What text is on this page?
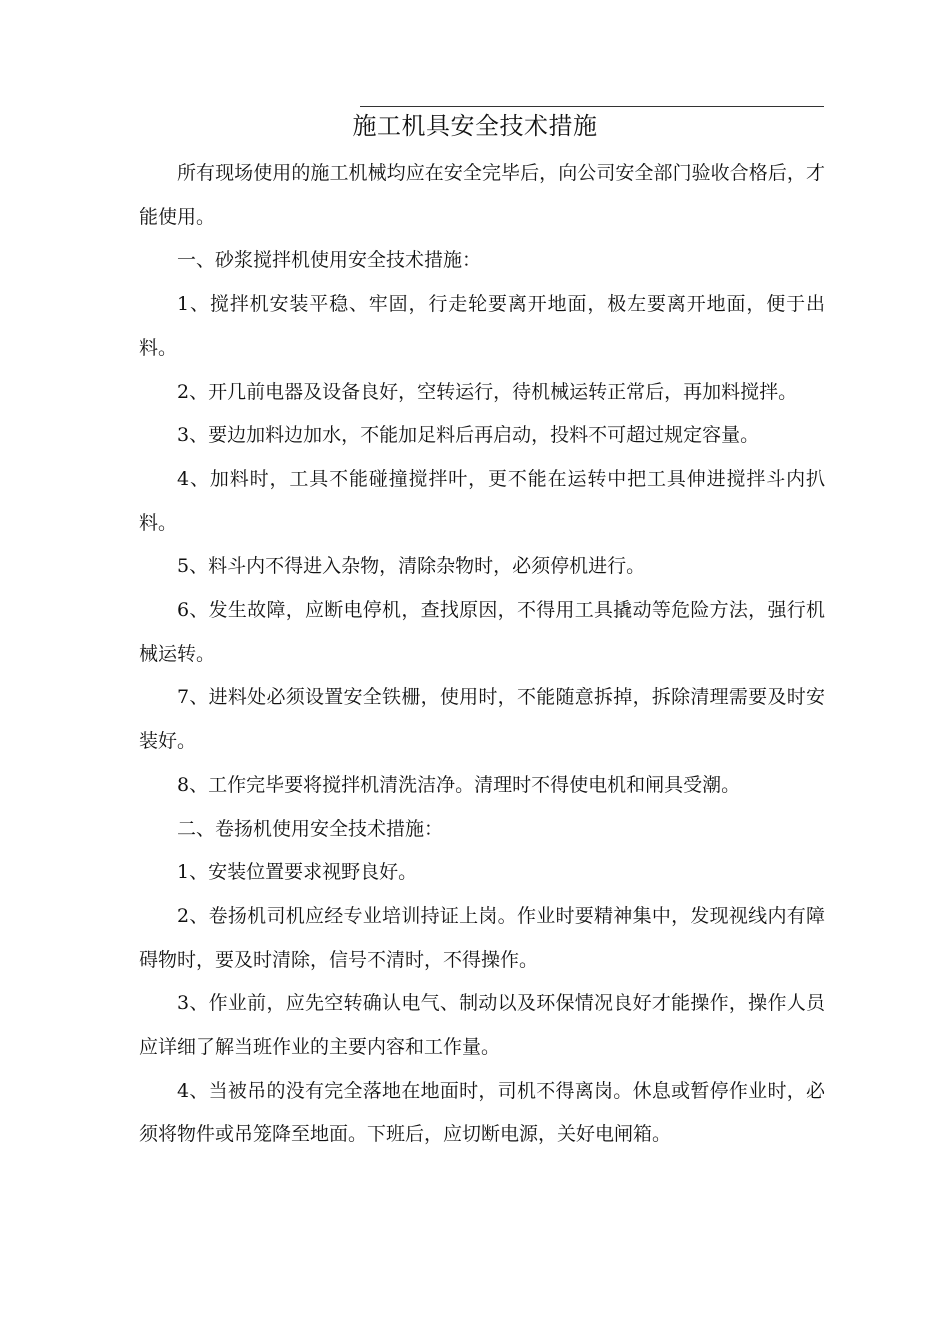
施工机具安全技术措施

所有现场使用的施工机械均应在安全完毕后，向公司安全部门验收合格后，才能使用。

一、砂浆搅拌机使用安全技术措施：

1、搅拌机安装平稳、牢固，行走轮要离开地面，极左要离开地面，便于出料。

2、开几前电器及设备良好，空转运行，待机械运转正常后，再加料搅拌。

3、要边加料边加水，不能加足料后再启动，投料不可超过规定容量。

4、加料时，工具不能碰撞搅拌叶，更不能在运转中把工具伸进搅拌斗内扒料。

5、料斗内不得进入杂物，清除杂物时，必须停机进行。

6、发生故障，应断电停机，查找原因，不得用工具撬动等危险方法，强行机械运转。

7、进料处必须设置安全铁栅，使用时，不能随意拆掉，拆除清理需要及时安装好。

8、工作完毕要将搅拌机清洗洁净。清理时不得使电机和闸具受潮。

二、卷扬机使用安全技术措施：

1、安装位置要求视野良好。

2、卷扬机司机应经专业培训持证上岗。作业时要精神集中，发现视线内有障碍物时，要及时清除，信号不清时，不得操作。

3、作业前，应先空转确认电气、制动以及环保情况良好才能操作，操作人员应详细了解当班作业的主要内容和工作量。

4、当被吊的没有完全落地在地面时，司机不得离岗。休息或暂停作业时，必须将物件或吊笼降至地面。下班后，应切断电源，关好电闸箱。
